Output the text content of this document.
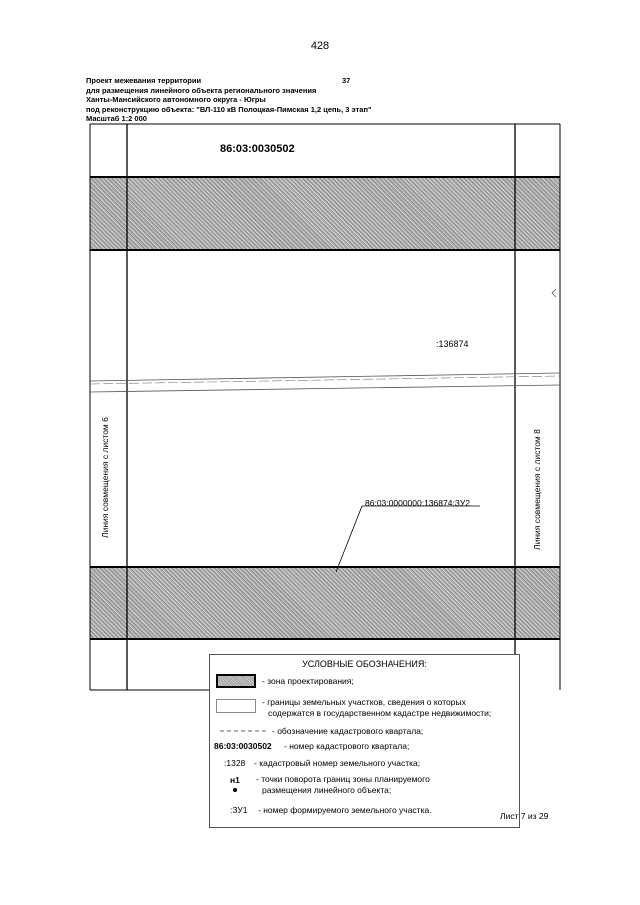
428
Проект межевания территории	37
для размещения линейного объекта регионального значения
Ханты-Мансийского автономного округа - Югры
под реконструкцию объекта: "ВЛ-110 кВ Полоцкая-Пимская 1,2 цепь, 3 этап"
Масштаб 1:2 000
86:03:0030502
:136874
86:03:0000000:136874:ЗУ2
Линия совмещения с листом 6	Линия совмещения с листом 8
УСЛОВНЫЕ ОБОЗНАЧЕНИЯ:
- зона проектирования;
- границы земельных участков, сведения о которых
содержатся в государственном кадастре недвижимости;
- обозначение кадастрового квартала;
86:03:0030502 - номер кадастрового квартала;
:1328 - кадастровый номер земельного участка;
н1 - точки поворота границ зоны планируемого
размещения линейного объекта;
:ЗУ1 - номер формируемого земельного участка.
Лист 7 из 29
